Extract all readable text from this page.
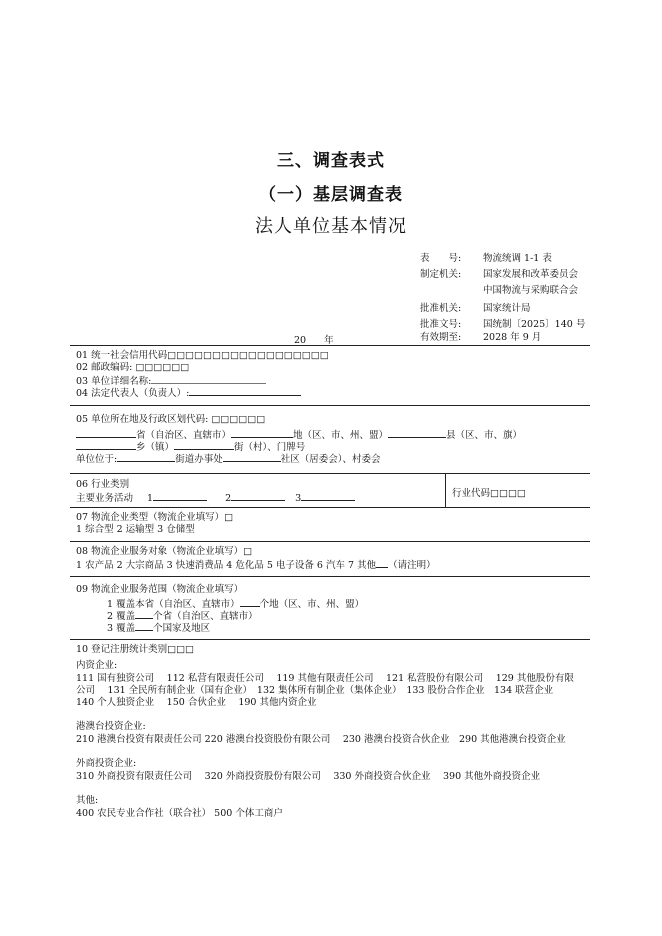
三、调查表式
（一）基层调查表
法人单位基本情况
表　　号: 物流统调 1-1 表
制定机关: 国家发展和改革委员会
中国物流与采购联合会
批准机关: 国家统计局
批准文号: 国统制〔2025〕140 号
有效期至: 2028 年 9 月
20 年
01 统一社会信用代码□□□□□□□□□□□□□□□□□□
02 邮政编码: □□□□□□
03 单位详细名称:
04 法定代表人（负责人）:
05 单位所在地及行政区划代码: □□□□□□
省（自治区、直辖市）	地（区、市、州、盟）	县（区、市、旗）
乡（镇）	街（村）、门牌号
单位位于:	街道办事处	社区（居委会）、村委会
06 行业类别
主要业务活动 1	2	3	行业代码□□□□
07 物流企业类型（物流企业填写）□
1 综合型 2 运输型 3 仓储型
08 物流企业服务对象（物流企业填写）□
1 农产品 2 大宗商品 3 快速消费品 4 危化品 5 电子设备 6 汽车 7 其他 （请注明）
09 物流企业服务范围（物流企业填写）
1 覆盖本省（自治区、直辖市） 个地（区、市、州、盟）
2 覆盖 个省（自治区、直辖市）
3 覆盖 个国家及地区
10 登记注册统计类别□□□
内资企业:
111 国有独资公司　 112 私营有限责任公司　 119 其他有限责任公司　 121 私营股份有限公司　 129 其他股份有限
公司　 131 全民所有制企业（国有企业）　132 集体所有制企业（集体企业）　133 股份合作企业　134 联营企业
140 个人独资企业　 150 合伙企业　 190 其他内资企业
港澳台投资企业:
210 港澳台投资有限责任公司 220 港澳台投资股份有限公司　 230 港澳台投资合伙企业　290 其他港澳台投资企业
外商投资企业:
310 外商投资有限责任公司　 320 外商投资股份有限公司　 330 外商投资合伙企业　 390 其他外商投资企业
其他:
400 农民专业合作社（联合社） 500 个体工商户
